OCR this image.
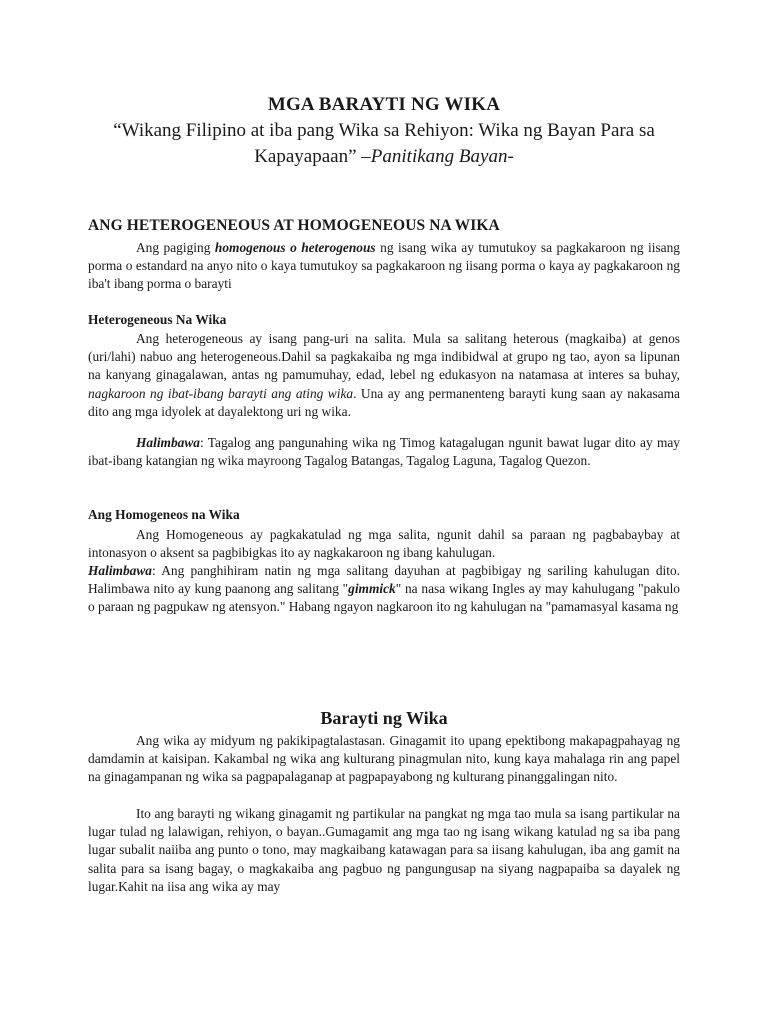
MGA BARAYTI NG WIKA
“Wikang Filipino at iba pang Wika sa Rehiyon: Wika ng Bayan Para sa
Kapayapaan” –Panitikang Bayan-
ANG HETEROGENEOUS AT HOMOGENEOUS NA WIKA
Ang pagiging homogenous o heterogenous ng isang wika ay tumutukoy sa pagkakaroon ng iisang porma o estandard na anyo nito o kaya tumutukoy sa pagkakaroon ng iisang porma o kaya ay pagkakaroon ng iba't ibang porma o barayti
Heterogeneous Na Wika
Ang heterogeneous ay isang pang-uri na salita. Mula sa salitang heterous (magkaiba) at genos (uri/lahi) nabuo ang heterogeneous.Dahil sa pagkakaiba ng mga indibidwal at grupo ng tao, ayon sa lipunan na kanyang ginagalawan, antas ng pamumuhay, edad, lebel ng edukasyon na natamasa at interes sa buhay, nagkaroon ng ibat-ibang barayti ang ating wika. Una ay ang permanenteng barayti kung saan ay nakasama dito ang mga idyolek at dayalektong uri ng wika.
Halimbawa: Tagalog ang pangunahing wika ng Timog katagalugan ngunit bawat lugar dito ay may ibat-ibang katangian ng wika mayroong Tagalog Batangas, Tagalog Laguna, Tagalog Quezon.
Ang Homogeneos na Wika
Ang Homogeneous ay pagkakatulad ng mga salita, ngunit dahil sa paraan ng pagbabaybay at intonasyon o aksent sa pagbibigkas ito ay nagkakaroon ng ibang kahulugan.
Halimbawa: Ang panghihiram natin ng mga salitang dayuhan at pagbibigay ng sariling kahulugan dito. Halimbawa nito ay kung paanong ang salitang "gimmick" na nasa wikang Ingles ay may kahulugang "pakulo o paraan ng pagpukaw ng atensyon." Habang ngayon nagkaroon ito ng kahulugan na "pamamasyal kasama ng
Barayti ng Wika
Ang wika ay midyum ng pakikipagtalastasan. Ginagamit ito upang epektibong makapagpahayag ng damdamin at kaisipan. Kakambal ng wika ang kulturang pinagmulan nito, kung kaya mahalaga rin ang papel na ginagampanan ng wika sa pagpapalaganap at pagpapayabong ng kulturang pinanggalingan nito.
Ito ang barayti ng wikang ginagamit ng partikular na pangkat ng mga tao mula sa isang partikular na lugar tulad ng lalawigan, rehiyon, o bayan..Gumagamit ang mga tao ng isang wikang katulad ng sa iba pang lugar subalit naiiba ang punto o tono, may magkaibang katawagan para sa iisang kahulugan, iba ang gamit na salita para sa isang bagay, o magkakaiba ang pagbuo ng pangungusap na siyang nagpapaiba sa dayalek ng lugar.Kahit na iisa ang wika ay may
